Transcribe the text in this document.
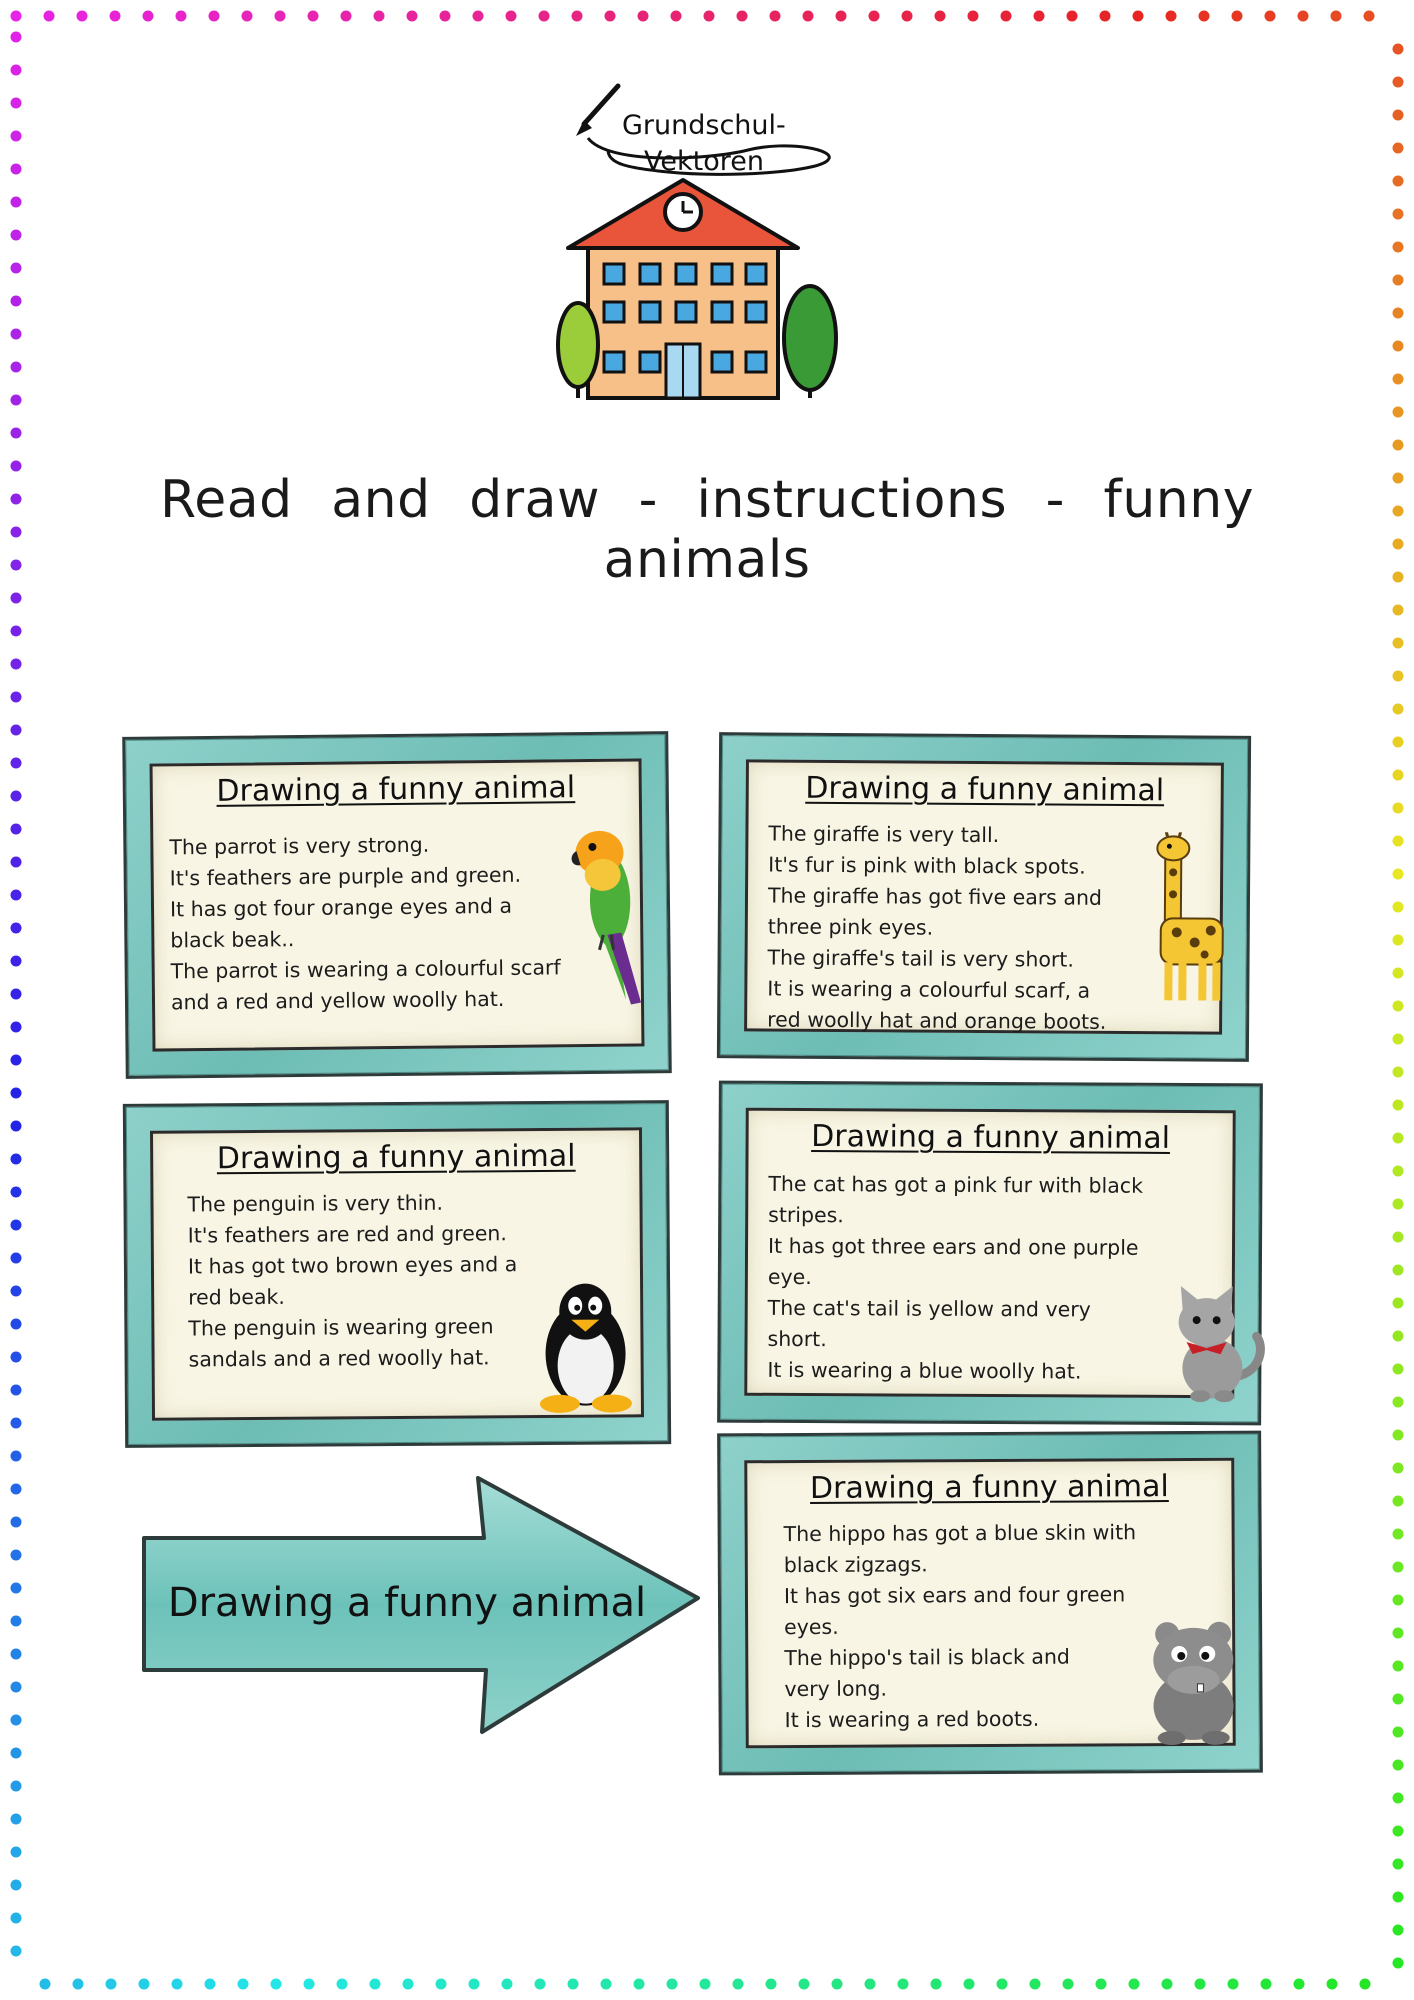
Grundschul-
Vektoren
Read and draw - instructions - funny animals
Drawing a funny animal
The parrot is very strong.
It's feathers are purple and green.
It has got four orange eyes and a
black beak..
The parrot is wearing a colourful scarf
and a red and yellow woolly hat.
Drawing a funny animal
The giraffe is very tall.
It's fur is pink with black spots.
The giraffe has got five ears and
three pink eyes.
The giraffe's tail is very short.
It is wearing a colourful scarf, a
red woolly hat and orange boots.
Drawing a funny animal
The penguin is very thin.
It's feathers are red and green.
It has got two brown eyes and a
red beak.
The penguin is wearing green
sandals and a red woolly hat.
Drawing a funny animal
The cat has got a pink fur with black
stripes.
It has got three ears and one purple
eye.
The cat's tail is yellow and very
short.
It is wearing a blue woolly hat.
Drawing a funny animal
The hippo has got a blue skin with
black zigzags.
It has got six ears and four green
eyes.
The hippo's tail is black and
very long.
It is wearing a red boots.
Drawing a funny animal
